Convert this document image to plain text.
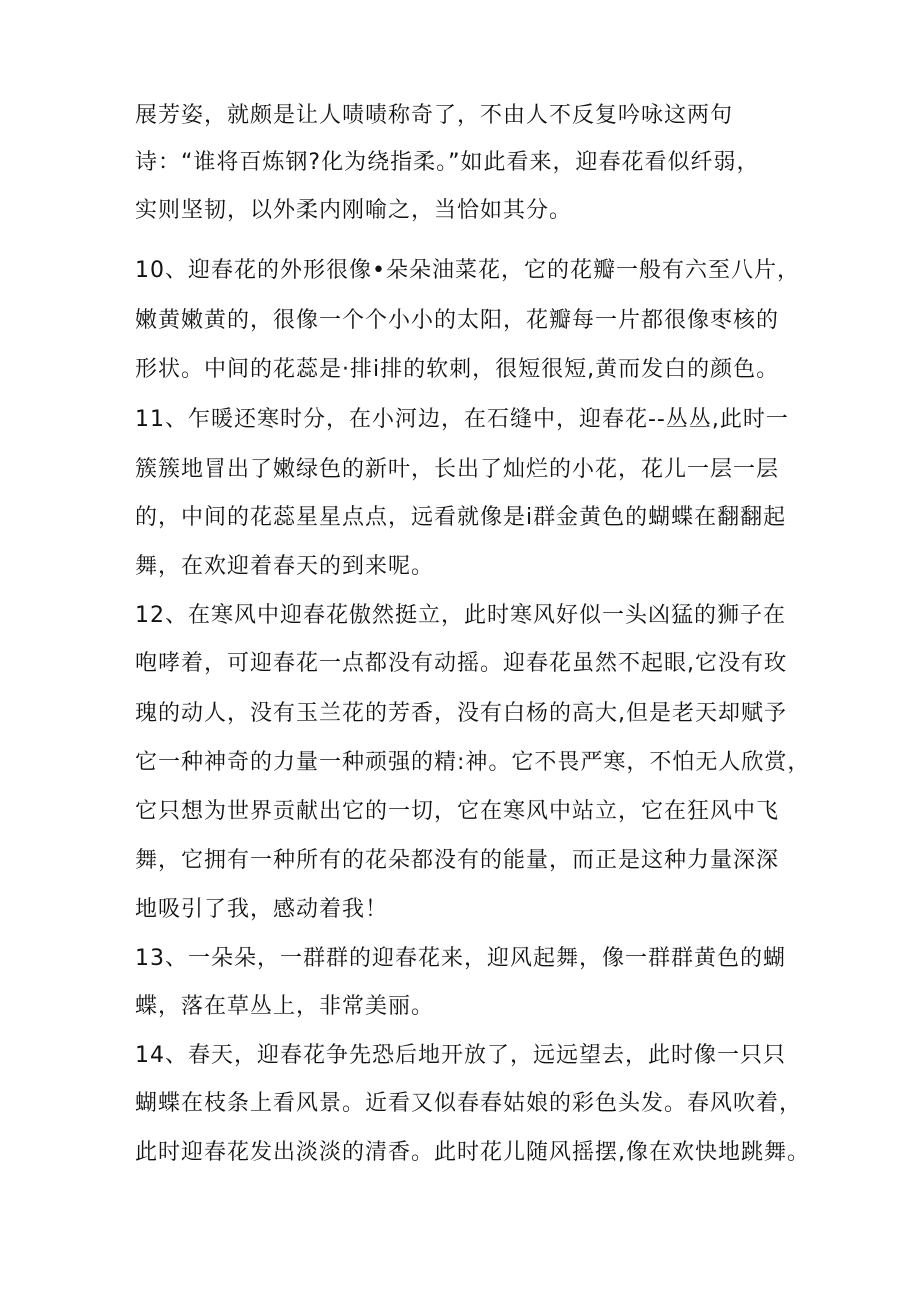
展芳姿，就颇是让人啧啧称奇了，不由人不反复吟咏这两句

诗：“谁将百炼钢?化为绕指柔。”如此看来，迎春花看似纤弱，

实则坚韧，以外柔内刚喻之，当恰如其分。

10、迎春花的外形很像•朵朵油菜花，它的花瓣一般有六至八片，

嫩黄嫩黄的，很像一个个小小的太阳，花瓣每一片都很像枣核的

形状。中间的花蕊是·排i排的软刺，很短很短,黄而发白的颜色。

11、乍暖还寒时分，在小河边，在石缝中，迎春花--丛丛,此时一

簇簇地冒出了嫩绿色的新叶，长出了灿烂的小花，花儿一层一层

的，中间的花蕊星星点点，远看就像是i群金黄色的蝴蝶在翻翻起

舞，在欢迎着春天的到来呢。

12、在寒风中迎春花傲然挺立，此时寒风好似一头凶猛的狮子在

咆哮着，可迎春花一点都没有动摇。迎春花虽然不起眼,它没有玫

瑰的动人，没有玉兰花的芳香，没有白杨的高大,但是老天却赋予

它一种神奇的力量一种顽强的精:神。它不畏严寒，不怕无人欣赏，

它只想为世界贡献出它的一切，它在寒风中站立，它在狂风中飞

舞，它拥有一种所有的花朵都没有的能量，而正是这种力量深深

地吸引了我，感动着我！

13、一朵朵，一群群的迎春花来，迎风起舞，像一群群黄色的蝴

蝶，落在草丛上，非常美丽。

14、春天，迎春花争先恐后地开放了，远远望去，此时像一只只

蝴蝶在枝条上看风景。近看又似春春姑娘的彩色头发。春风吹着，

此时迎春花发出淡淡的清香。此时花儿随风摇摆,像在欢快地跳舞。
